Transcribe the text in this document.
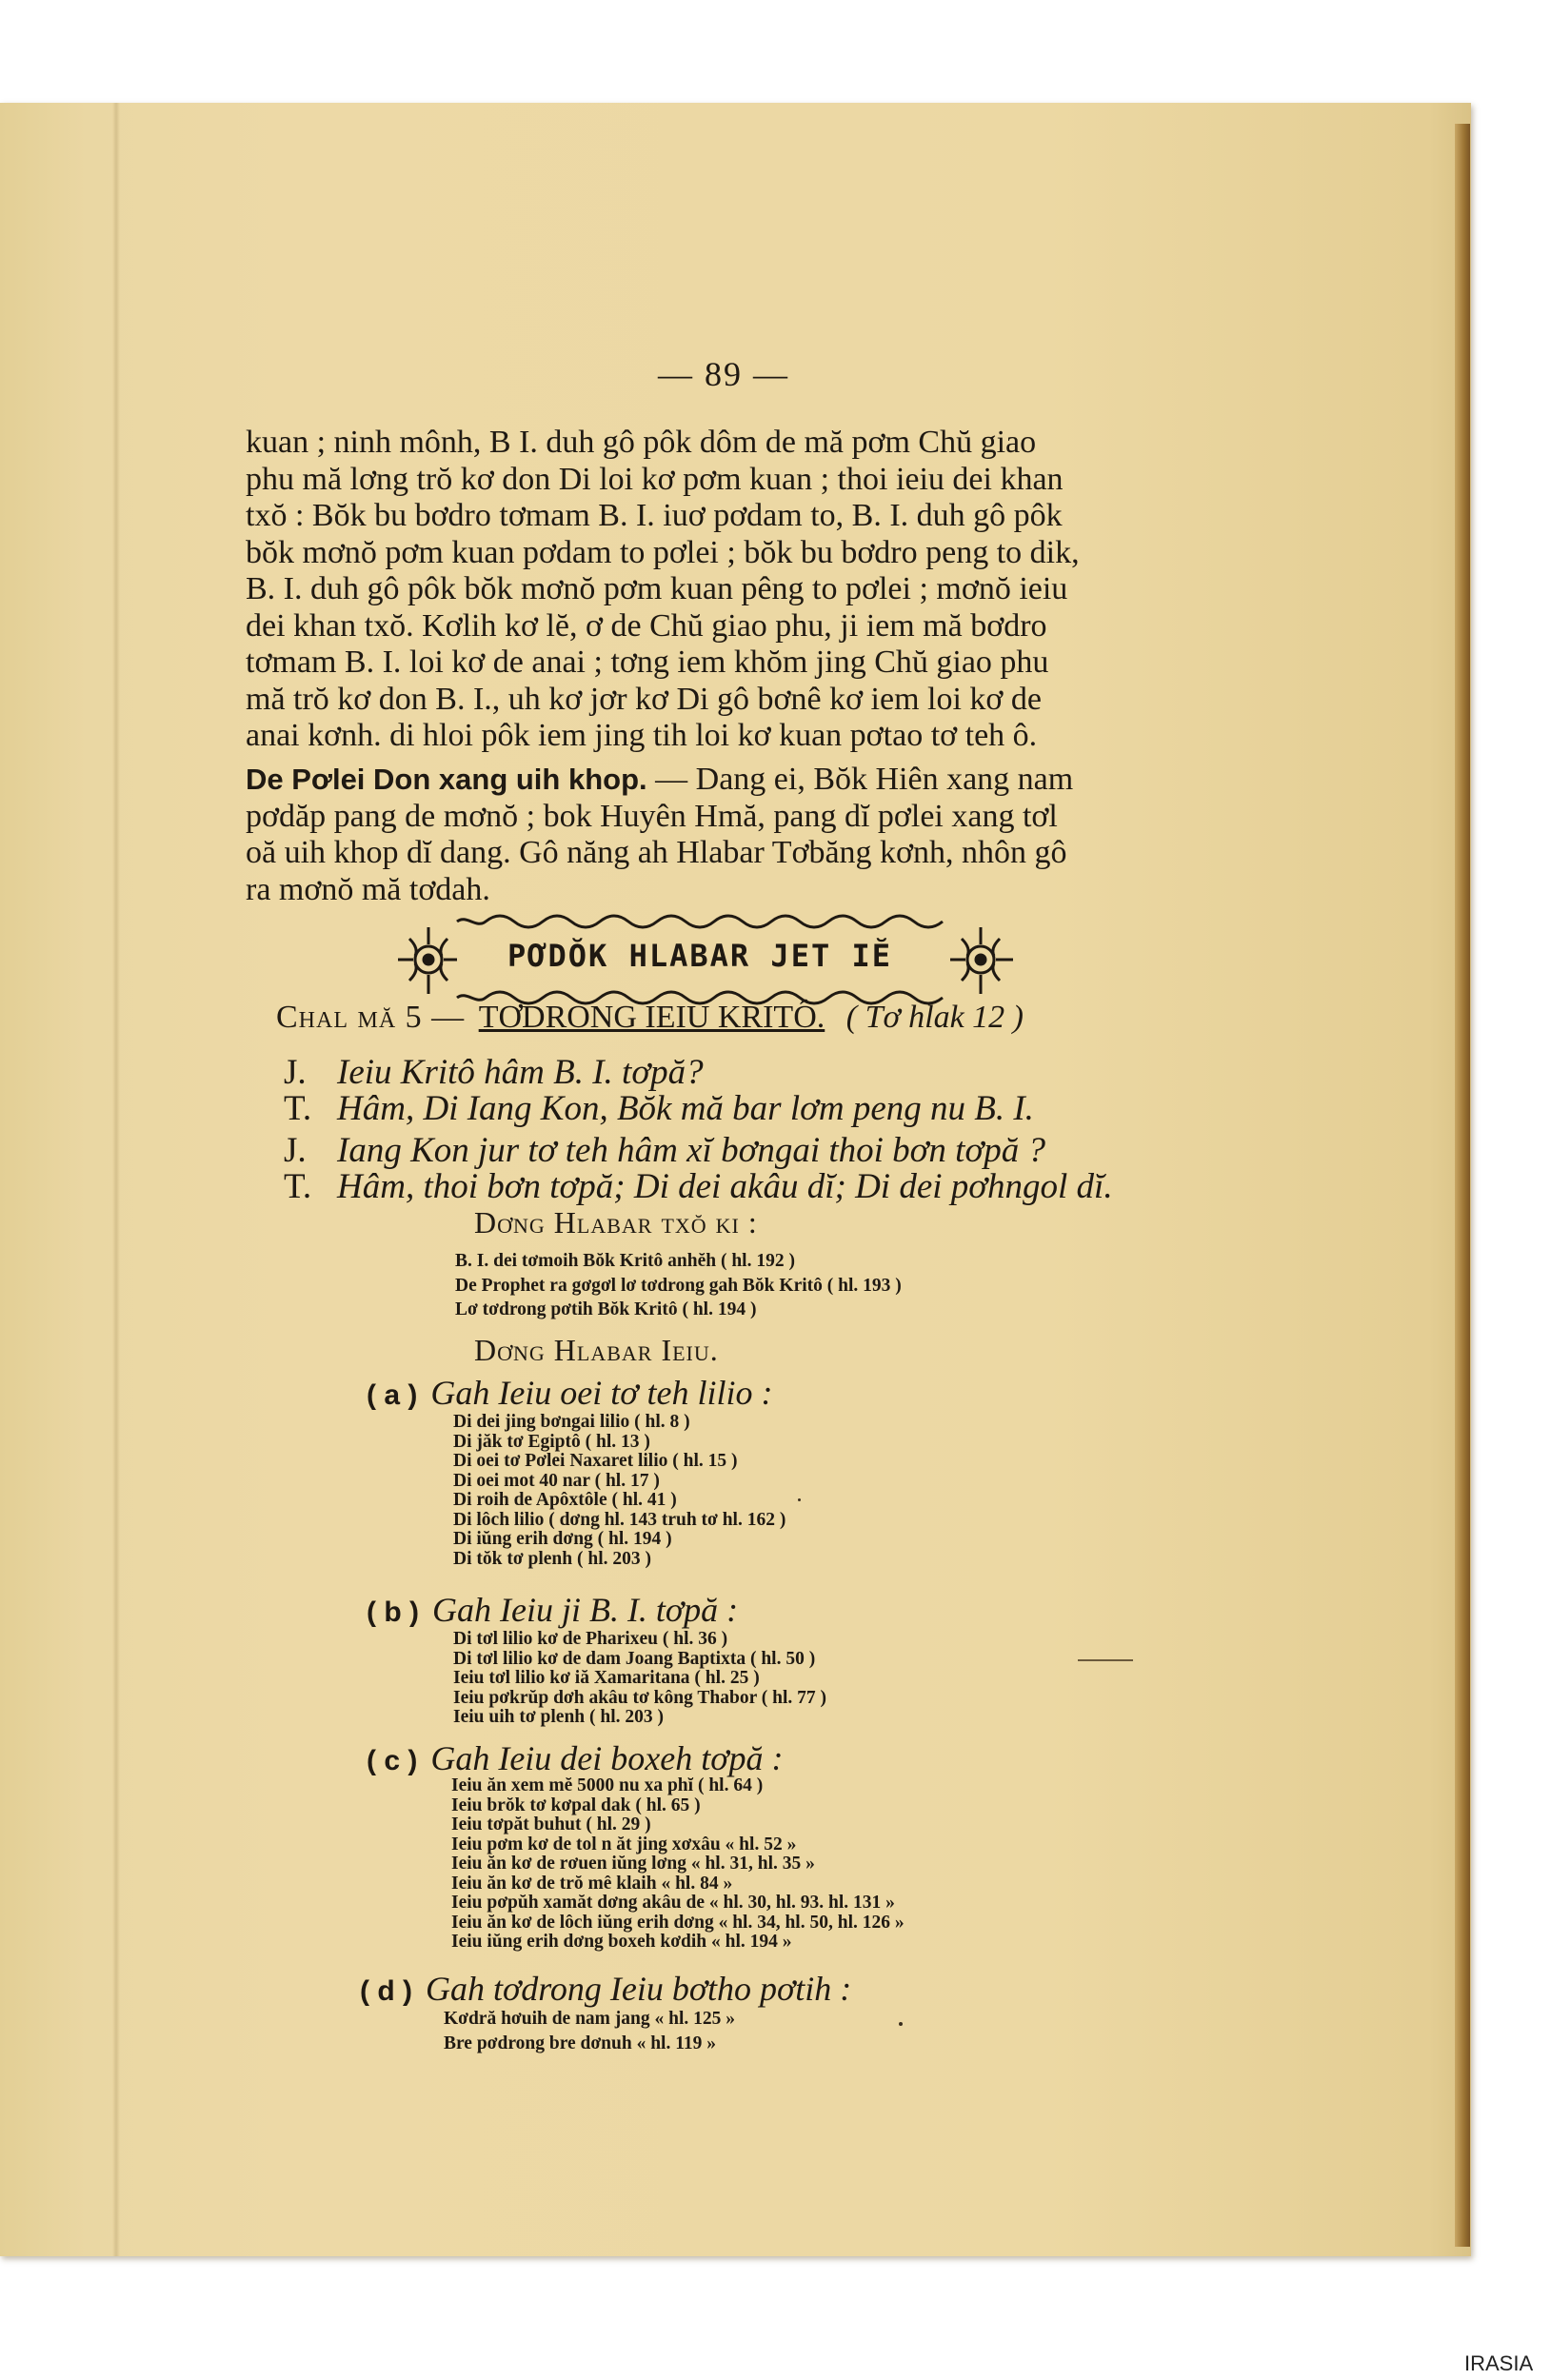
— 89 —
kuan ; ninh mônh, B I. duh gô pôk dôm de mă pơm Chŭ giao
phu mă lơng trŏ kơ don Di loi kơ pơm kuan ; thoi ieiu dei khan
txŏ : Bŏk bu bơdro tơmam B. I. iuơ pơdam to, B. I. duh gô pôk
bŏk mơnŏ pơm kuan pơdam to pơlei ; bŏk bu bơdro peng to dik,
B. I. duh gô pôk bŏk mơnŏ pơm kuan pêng to pơlei ; mơnŏ ieiu
dei khan txŏ. Kơlih kơ lĕ, ơ de Chŭ giao phu, ji iem mă bơdro
tơmam B. I. loi kơ de anai ; tơng iem khŏm jing Chŭ giao phu
mă trŏ kơ don B. I., uh kơ jơr kơ Di gô bơnê kơ iem loi kơ de
anai kơnh. di hloi pôk iem jing tih loi kơ kuan pơtao tơ teh ô.
De Pơlei Don xang uih khop. — Dang ei, Bŏk Hiên xang nam
pơdăp pang de mơnŏ ; bok Huyên Hmă, pang dĭ pơlei xang tơl
oă uih khop dĭ dang. Gô năng ah Hlabar Tơbăng kơnh, nhôn gô
ra mơnŏ mă tơdah.
PƠDŎK HLABAR JET IĔ
Chal mă 5 — TƠDRONG IEIU KRITÔ. ( Tơ hlak 12 )
J. Ieiu Kritô hâm B. I. tơpă?
T. Hâm, Di Iang Kon, Bŏk mă bar lơm peng nu B. I.
J. Iang Kon jur tơ teh hâm xĭ bơngai thoi bơn tơpă ?
T. Hâm, thoi bơn tơpă; Di dei akâu dĭ; Di dei pơhngol dĭ.
Dơng Hlabar txŏ ki :
B. I. dei tơmoih Bŏk Kritô anhĕh ( hl. 192 )
De Prophet ra gơgơl lơ tơdrong gah Bŏk Kritô ( hl. 193 )
Lơ tơdrong pơtih Bŏk Kritô ( hl. 194 )
Dơng Hlabar Ieiu.
( a ) Gah Ieiu oei tơ teh lilio :
Di dei jing bơngai lilio ( hl. 8 )
Di jăk tơ Egiptô ( hl. 13 )
Di oei tơ Pơlei Naxaret lilio ( hl. 15 )
Di oei mot 40 nar ( hl. 17 )
Di roih de Apôxtôle ( hl. 41 )
Di lôch lilio ( dơng hl. 143 truh tơ hl. 162 )
Di iŭng erih dơng ( hl. 194 )
Di tŏk tơ plenh ( hl. 203 )
( b ) Gah Ieiu ji B. I. tơpă :
Di tơl lilio kơ de Pharixeu ( hl. 36 )
Di tơl lilio kơ de dam Joang Baptixta ( hl. 50 )
Ieiu tơl lilio kơ iă Xamaritana ( hl. 25 )
Ieiu pơkrŭp dơh akâu tơ kông Thabor ( hl. 77 )
Ieiu uih tơ plenh ( hl. 203 )
( c ) Gah Ieiu dei boxeh tơpă :
Ieiu ăn xem mĕ 5000 nu xa phĭ ( hl. 64 )
Ieiu brŏk tơ kơpal dak ( hl. 65 )
Ieiu tơpăt buhut ( hl. 29 )
Ieiu pơm kơ de tol n ăt jing xơxâu « hl. 52 »
Ieiu ăn kơ de rơuen iŭng lơng « hl. 31, hl. 35 »
Ieiu ăn kơ de trŏ mê klaih « hl. 84 »
Ieiu pơpŭh xamăt dơng akâu de « hl. 30, hl. 93. hl. 131 »
Ieiu ăn kơ de lôch iŭng erih dơng « hl. 34, hl. 50, hl. 126 »
Ieiu iŭng erih dơng boxeh kơdih « hl. 194 »
( d ) Gah tơdrong Ieiu bơtho pơtih :
Kơdră hơuih de nam jang « hl. 125 »
Bre pơdrong bre dơnuh « hl. 119 »
IRASIA
